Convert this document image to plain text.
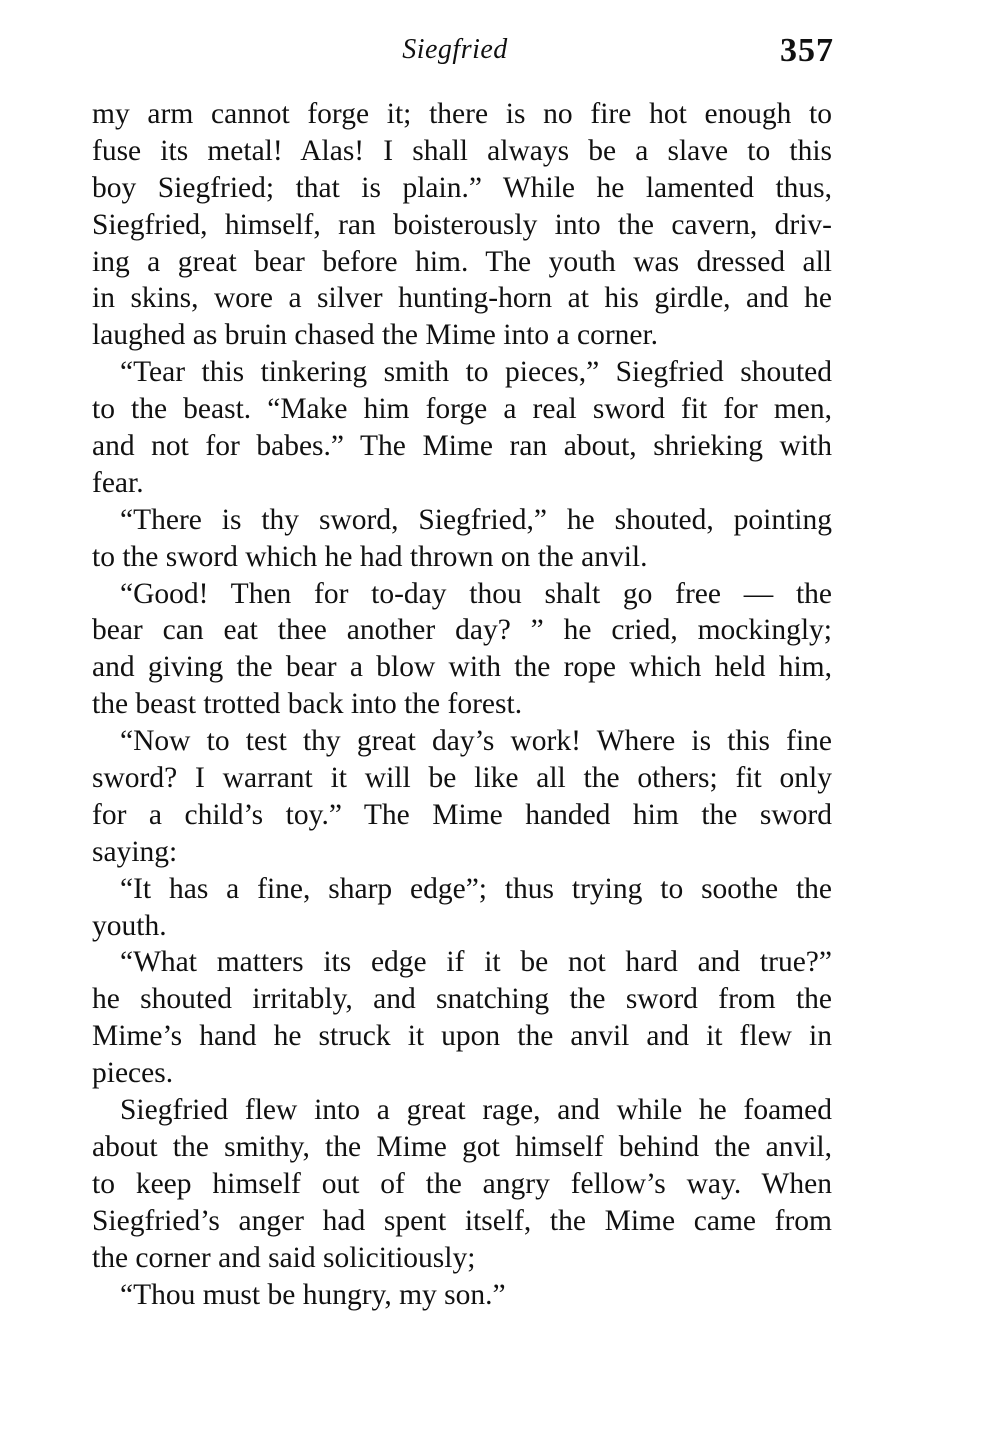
Siegfried	357
my arm cannot forge it; there is no fire hot enough to
fuse its metal! Alas! I shall always be a slave to this
boy Siegfried; that is plain.” While he lamented thus,
Siegfried, himself, ran boisterously into the cavern, driv-
ing a great bear before him. The youth was dressed all
in skins, wore a silver hunting-horn at his girdle, and he
laughed as bruin chased the Mime into a corner.
“Tear this tinkering smith to pieces,” Siegfried shouted
to the beast. “Make him forge a real sword fit for men,
and not for babes.” The Mime ran about, shrieking with
fear.
“There is thy sword, Siegfried,” he shouted, pointing
to the sword which he had thrown on the anvil.
“Good! Then for to-day thou shalt go free — the
bear can eat thee another day? ” he cried, mockingly;
and giving the bear a blow with the rope which held him,
the beast trotted back into the forest.
“Now to test thy great day’s work! Where is this fine
sword? I warrant it will be like all the others; fit only
for a child’s toy.” The Mime handed him the sword
saying:
“It has a fine, sharp edge”; thus trying to soothe the
youth.
“What matters its edge if it be not hard and true?”
he shouted irritably, and snatching the sword from the
Mime’s hand he struck it upon the anvil and it flew in
pieces.
Siegfried flew into a great rage, and while he foamed
about the smithy, the Mime got himself behind the anvil,
to keep himself out of the angry fellow’s way. When
Siegfried’s anger had spent itself, the Mime came from
the corner and said solicitiously;
“Thou must be hungry, my son.”
